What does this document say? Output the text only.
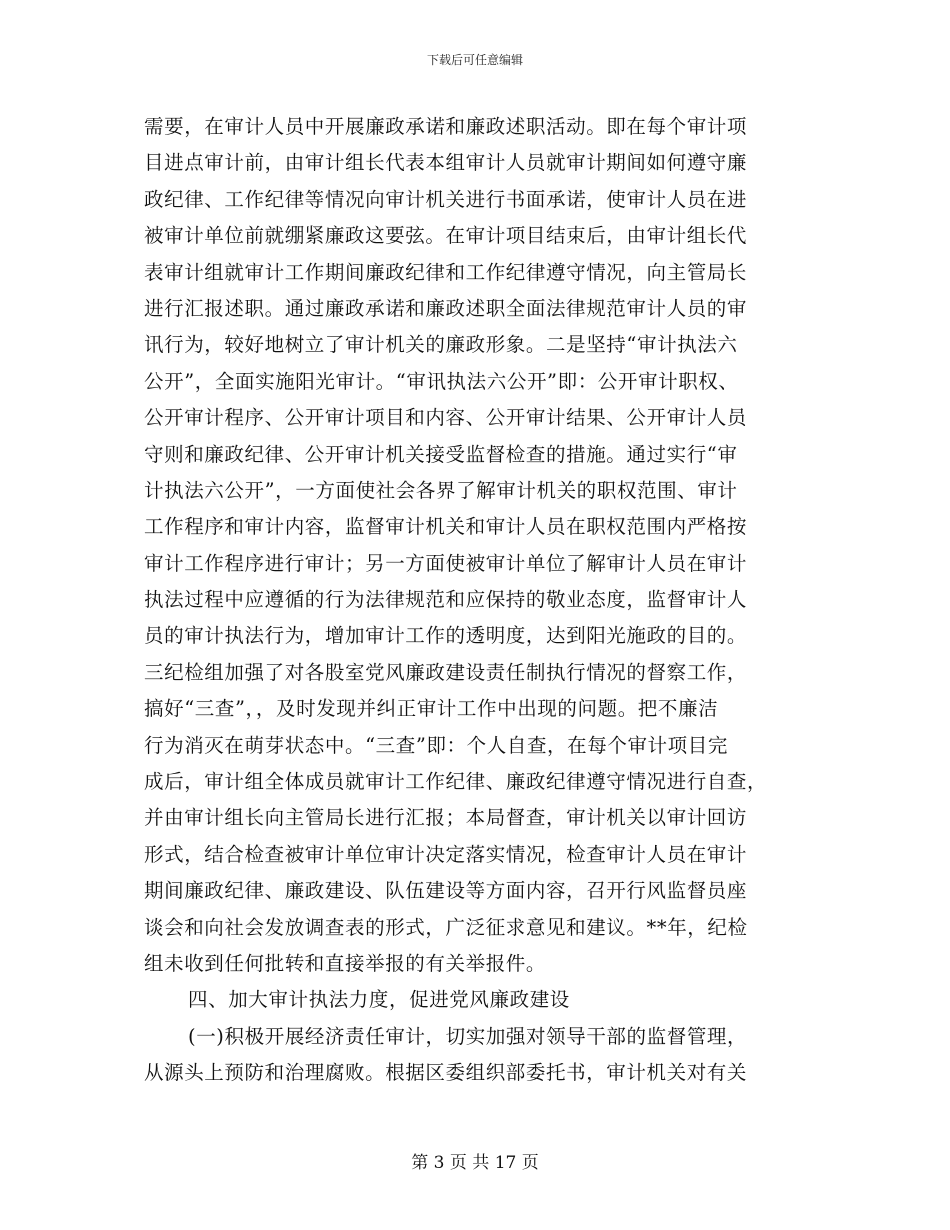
下载后可任意编辑
需要，在审计人员中开展廉政承诺和廉政述职活动。即在每个审计项
目进点审计前，由审计组长代表本组审计人员就审计期间如何遵守廉
政纪律、工作纪律等情况向审计机关进行书面承诺，使审计人员在进
被审计单位前就绷紧廉政这要弦。在审计项目结束后，由审计组长代
表审计组就审计工作期间廉政纪律和工作纪律遵守情况，向主管局长
进行汇报述职。通过廉政承诺和廉政述职全面法律规范审计人员的审
讯行为，较好地树立了审计机关的廉政形象。二是坚持“审计执法六
公开”，全面实施阳光审计。“审讯执法六公开”即：公开审计职权、
公开审计程序、公开审计项目和内容、公开审计结果、公开审计人员
守则和廉政纪律、公开审计机关接受监督检查的措施。通过实行“审
计执法六公开”，一方面使社会各界了解审计机关的职权范围、审计
工作程序和审计内容，监督审计机关和审计人员在职权范围内严格按
审计工作程序进行审计；另一方面使被审计单位了解审计人员在审计
执法过程中应遵循的行为法律规范和应保持的敬业态度，监督审计人
员的审计执法行为，增加审计工作的透明度，达到阳光施政的目的。
三纪检组加强了对各股室党风廉政建设责任制执行情况的督察工作，
搞好“三查”，，及时发现并纠正审计工作中出现的问题。把不廉洁
行为消灭在萌芽状态中。“三查”即：个人自查，在每个审计项目完
成后，审计组全体成员就审计工作纪律、廉政纪律遵守情况进行自查，
并由审计组长向主管局长进行汇报；本局督查，审计机关以审计回访
形式，结合检查被审计单位审计决定落实情况，检查审计人员在审计
期间廉政纪律、廉政建设、队伍建设等方面内容，召开行风监督员座
谈会和向社会发放调查表的形式，广泛征求意见和建议。**年，纪检
组未收到任何批转和直接举报的有关举报件。
四、加大审计执法力度，促进党风廉政建设
(一)积极开展经济责任审计，切实加强对领导干部的监督管理，
从源头上预防和治理腐败。根据区委组织部委托书，审计机关对有关
第 3 页 共 17 页
